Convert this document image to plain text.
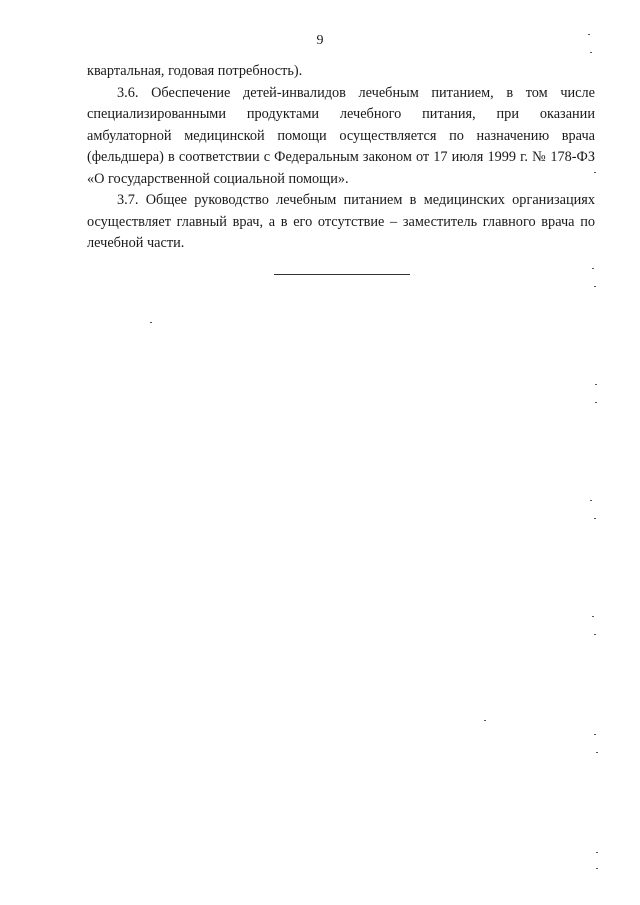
9

квартальная, годовая потребность).

3.6. Обеспечение детей-инвалидов лечебным питанием, в том числе специализированными продуктами лечебного питания, при оказании амбулаторной медицинской помощи осуществляется по назначению врача (фельдшера) в соответствии с Федеральным законом от 17 июля 1999 г. № 178-ФЗ «О государственной социальной помощи».

3.7. Общее руководство лечебным питанием в медицинских организациях осуществляет главный врач, а в его отсутствие – заместитель главного врача по лечебной части.
